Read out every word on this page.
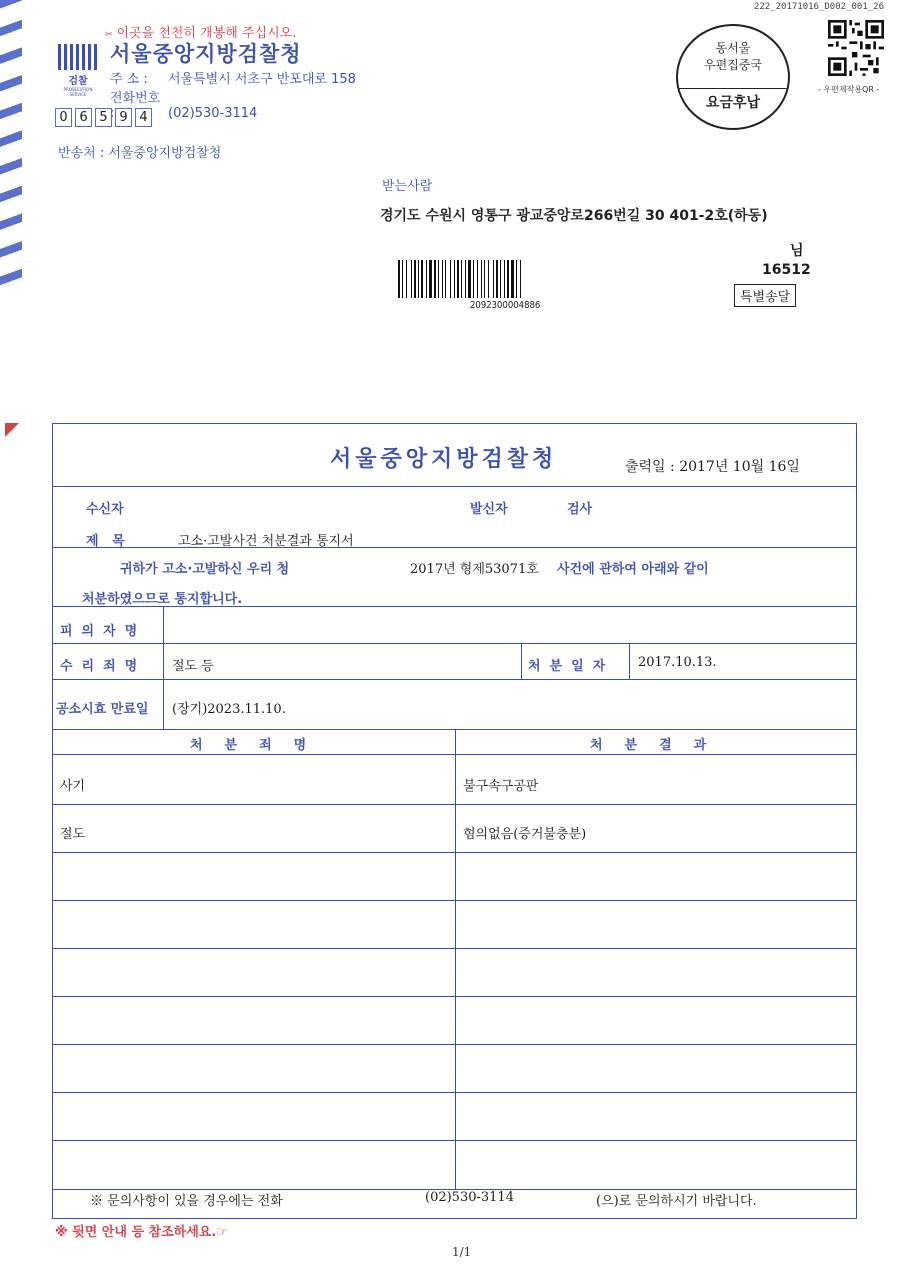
222_20171016_D002_001_26
✂ 이곳을 천천히 개봉해 주십시오.
검찰
PROSECUTION SERVICE
서울중앙지방검찰청
주 소 : 서울특별시 서초구 반포대로 158
전화번호 :	(02)530-3114
0 6 5 9 4
반송처 : 서울중앙지방검찰청
동서울
우편집중국
요금후납
- 우편제작용QR -
받는사람
경기도 수원시 영통구 광교중앙로266번길 30 401-2호(하동)
님
16512
특별송달
2092300004886
서울중앙지방검찰청	출력일 : 2017년 10월 16일
수신자	발신자	검사
제   목	고소·고발사건 처분결과 통지서
귀하가 고소·고발하신 우리 청	2017년 형제53071호 사건에 관하여 아래와 같이
처분하였으므로 통지합니다.
피의자명
수리죄명 절도 등	처분일자 2017.10.13.
공소시효 만료일 (장기)2023.11.10.
처분죄명	처분결과
사기	불구속구공판
절도	혐의없음(증거불충분)
※ 문의사항이 있을 경우에는 전화	(02)530-3114	(으)로 문의하시기 바랍니다.
※ 뒷면 안내 등 참조하세요.☞
1/1
